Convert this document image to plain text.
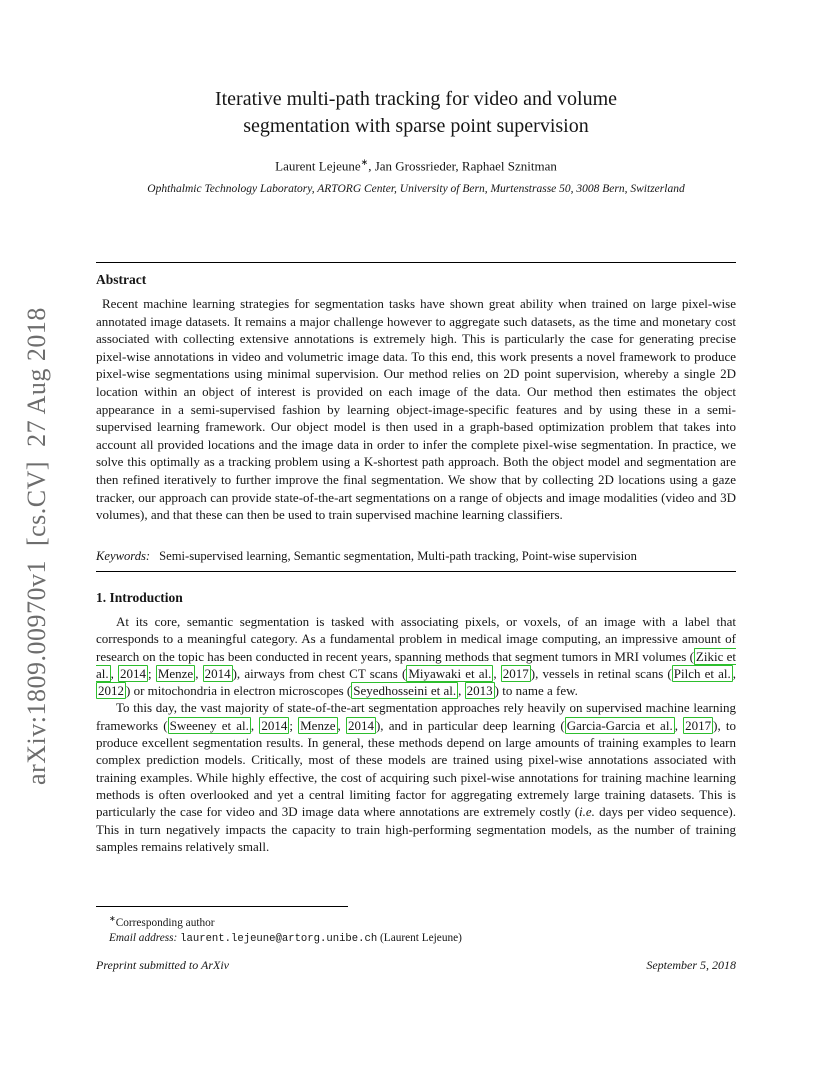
arXiv:1809.00970v1  [cs.CV]  27 Aug 2018
Iterative multi-path tracking for video and volume
segmentation with sparse point supervision
Laurent Lejeune∗, Jan Grossrieder, Raphael Sznitman
Ophthalmic Technology Laboratory, ARTORG Center, University of Bern, Murtenstrasse 50, 3008 Bern, Switzerland
Abstract
Recent machine learning strategies for segmentation tasks have shown great ability when trained on large pixel-wise annotated image datasets. It remains a major challenge however to aggregate such datasets, as the time and monetary cost associated with collecting extensive annotations is extremely high. This is particularly the case for generating precise pixel-wise annotations in video and volumetric image data. To this end, this work presents a novel framework to produce pixel-wise segmentations using minimal supervision. Our method relies on 2D point supervision, whereby a single 2D location within an object of interest is provided on each image of the data. Our method then estimates the object appearance in a semi-supervised fashion by learning object-image-specific features and by using these in a semi-supervised learning framework. Our object model is then used in a graph-based optimization problem that takes into account all provided locations and the image data in order to infer the complete pixel-wise segmentation. In practice, we solve this optimally as a tracking problem using a K-shortest path approach. Both the object model and segmentation are then refined iteratively to further improve the final segmentation. We show that by collecting 2D locations using a gaze tracker, our approach can provide state-of-the-art segmentations on a range of objects and image modalities (video and 3D volumes), and that these can then be used to train supervised machine learning classifiers.
Keywords: Semi-supervised learning, Semantic segmentation, Multi-path tracking, Point-wise supervision
1. Introduction

At its core, semantic segmentation is tasked with associating pixels, or voxels, of an image with a label that corresponds to a meaningful category. As a fundamental problem in medical image computing, an impressive amount of research on the topic has been conducted in recent years, spanning methods that segment tumors in MRI volumes ( Zikic et al. , 2014 ; Menze , 2014 ), airways from chest CT scans ( Miyawaki et al. , 2017 ), vessels in retinal scans ( Pilch et al. , 2012 ) or mitochondria in electron microscopes ( Seyedhosseini et al. , 2013 ) to name a few.

To this day, the vast majority of state-of-the-art segmentation approaches rely heavily on supervised machine learning frameworks ( Sweeney et al. , 2014 ; Menze , 2014 ), and in particular deep learning ( Garcia-Garcia et al. , 2017 ), to produce excellent segmentation results. In general, these methods depend on large amounts of training examples to learn complex prediction models. Critically, most of these models are trained using pixel-wise annotations associated with training examples. While highly effective, the cost of acquiring such pixel-wise annotations for training machine learning methods is often overlooked and yet a central limiting factor for aggregating extremely large training datasets. This is particularly the case for video and 3D image data where annotations are extremely costly (i.e. days per video sequence). This in turn negatively impacts the capacity to train high-performing segmentation models, as the number of training samples remains relatively small.

∗Corresponding author
Email address: laurent.lejeune@artorg.unibe.ch (Laurent Lejeune)
Preprint submitted to ArXiv	September 5, 2018
